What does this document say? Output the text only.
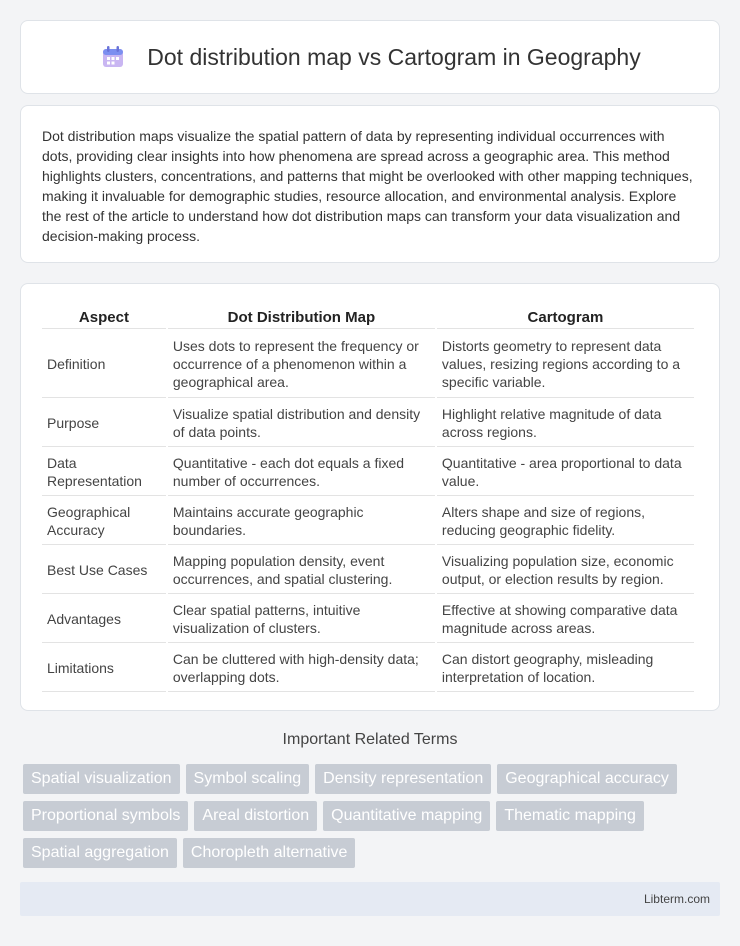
Dot distribution map vs Cartogram in Geography

Dot distribution maps visualize the spatial pattern of data by representing individual occurrences with dots, providing clear insights into how phenomena are spread across a geographic area. This method highlights clusters, concentrations, and patterns that might be overlooked with other mapping techniques, making it invaluable for demographic studies, resource allocation, and environmental analysis. Explore the rest of the article to understand how dot distribution maps can transform your data visualization and decision-making process.

Aspect	Dot Distribution Map	Cartogram
Definition	Uses dots to represent the frequency or occurrence of a phenomenon within a geographical area.	Distorts geometry to represent data values, resizing regions according to a specific variable.
Purpose	Visualize spatial distribution and density of data points.	Highlight relative magnitude of data across regions.
Data Representation	Quantitative - each dot equals a fixed number of occurrences.	Quantitative - area proportional to data value.
Geographical Accuracy	Maintains accurate geographic boundaries.	Alters shape and size of regions, reducing geographic fidelity.
Best Use Cases	Mapping population density, event occurrences, and spatial clustering.	Visualizing population size, economic output, or election results by region.
Advantages	Clear spatial patterns, intuitive visualization of clusters.	Effective at showing comparative data magnitude across areas.
Limitations	Can be cluttered with high-density data; overlapping dots.	Can distort geography, misleading interpretation of location.
Important Related Terms
Spatial visualization	Symbol scaling	Density representation	Geographical accuracy
Proportional symbols	Areal distortion	Quantitative mapping	Thematic mapping
Spatial aggregation	Choropleth alternative
Libterm.com
